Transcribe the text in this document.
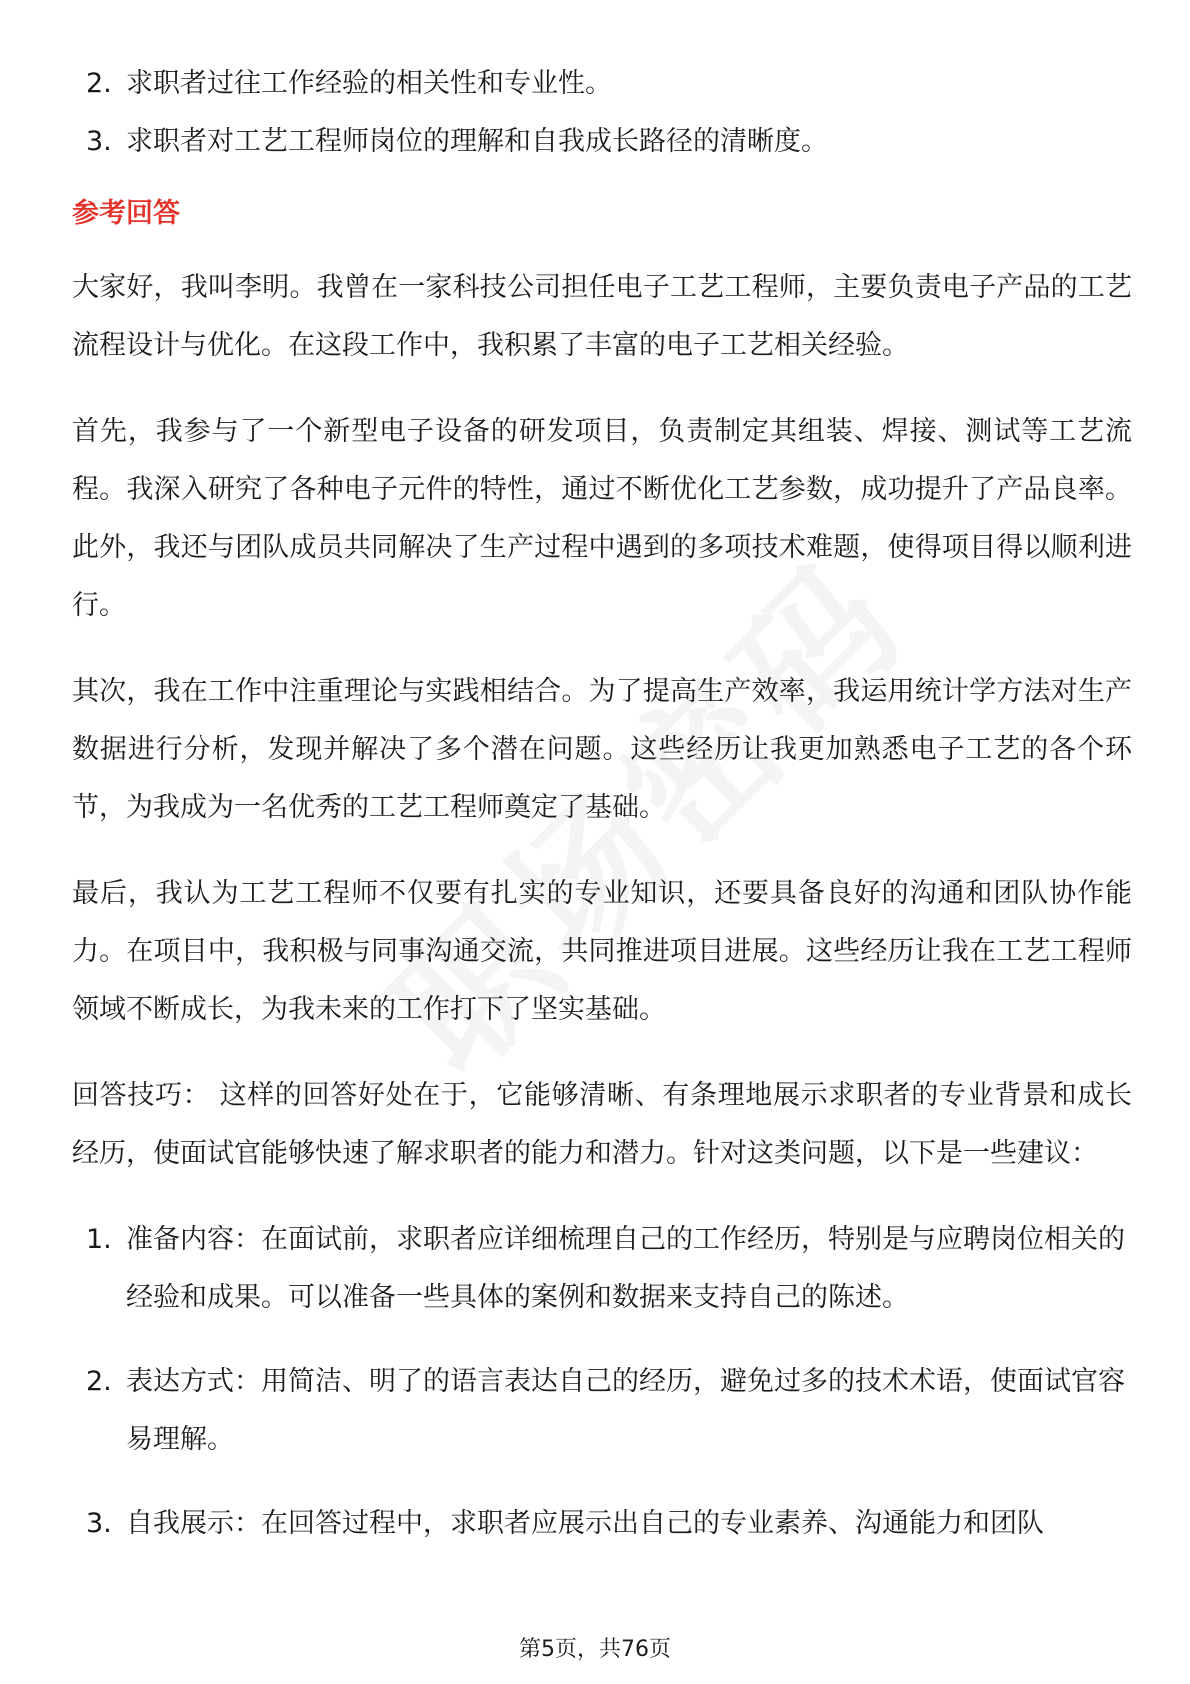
2. 求职者过往工作经验的相关性和专业性。
3. 求职者对工艺工程师岗位的理解和自我成长路径的清晰度。
参考回答

大家好，我叫李明。我曾在一家科技公司担任电子工艺工程师，主要负责电子产品的工艺流程设计与优化。在这段工作中，我积累了丰富的电子工艺相关经验。

首先，我参与了一个新型电子设备的研发项目，负责制定其组装、焊接、测试等工艺流程。我深入研究了各种电子元件的特性，通过不断优化工艺参数，成功提升了产品良率。此外，我还与团队成员共同解决了生产过程中遇到的多项技术难题，使得项目得以顺利进行。

其次，我在工作中注重理论与实践相结合。为了提高生产效率，我运用统计学方法对生产数据进行分析，发现并解决了多个潜在问题。这些经历让我更加熟悉电子工艺的各个环节，为我成为一名优秀的工艺工程师奠定了基础。

最后，我认为工艺工程师不仅要有扎实的专业知识，还要具备良好的沟通和团队协作能力。在项目中，我积极与同事沟通交流，共同推进项目进展。这些经历让我在工艺工程师领域不断成长，为我未来的工作打下了坚实基础。

回答技巧： 这样的回答好处在于，它能够清晰、有条理地展示求职者的专业背景和成长经历，使面试官能够快速了解求职者的能力和潜力。针对这类问题，以下是一些建议：

1. 准备内容：在面试前，求职者应详细梳理自己的工作经历，特别是与应聘岗位相关的经验和成果。可以准备一些具体的案例和数据来支持自己的陈述。
2. 表达方式：用简洁、明了的语言表达自己的经历，避免过多的技术术语，使面试官容易理解。
3. 自我展示：在回答过程中，求职者应展示出自己的专业素养、沟通能力和团队
第5页，共76页
